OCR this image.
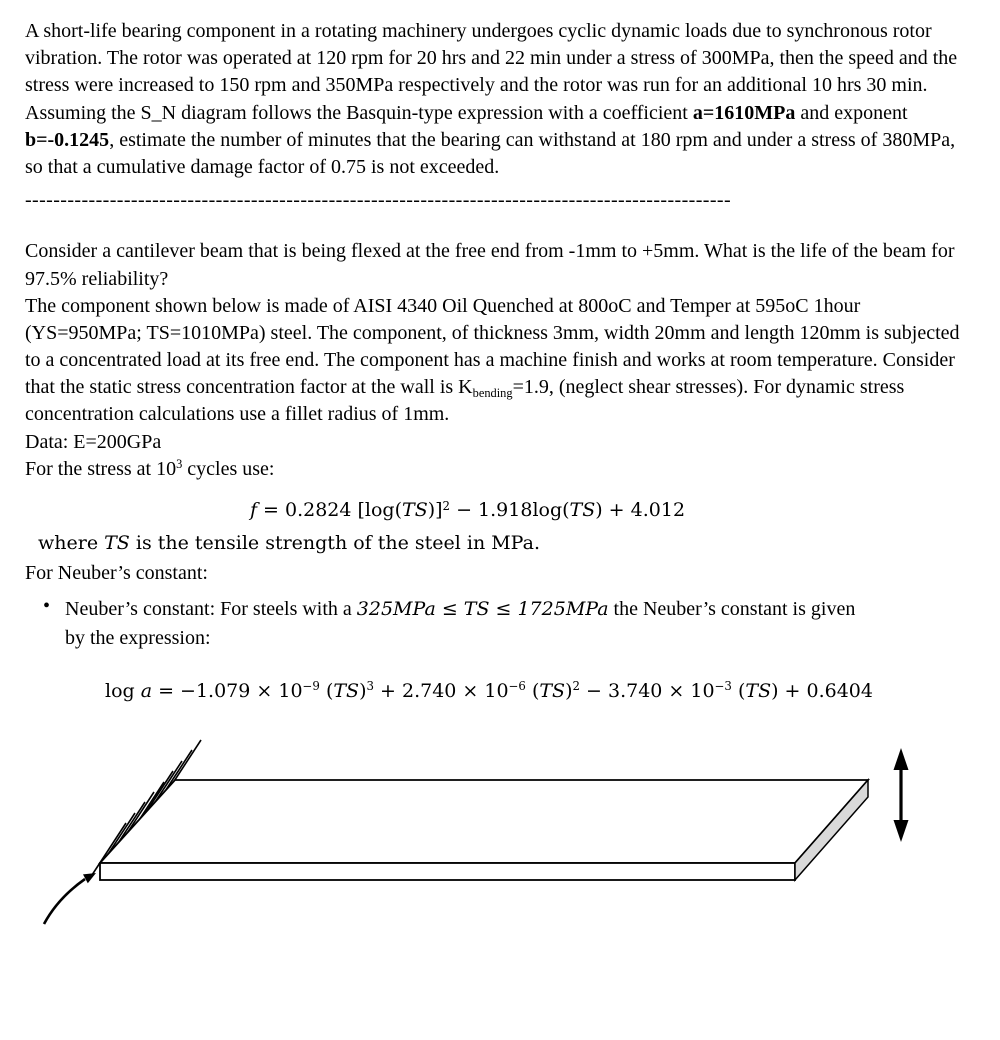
A short-life bearing component in a rotating machinery undergoes cyclic dynamic loads due to synchronous rotor vibration. The rotor was operated at 120 rpm for 20 hrs and 22 min under a stress of 300MPa, then the speed and the stress were increased to 150 rpm and 350MPa respectively and the rotor was run for an additional 10 hrs 30 min. Assuming the S_N diagram follows the Basquin-type expression with a coefficient a=1610MPa and exponent b=-0.1245, estimate the number of minutes that the bearing can withstand at 180 rpm and under a stress of 380MPa, so that a cumulative damage factor of 0.75 is not exceeded.

----------------------------------------------------------------------------------------------------

Consider a cantilever beam that is being flexed at the free end from -1mm to +5mm. What is the life of the beam for 97.5% reliability?

The component shown below is made of AISI 4340 Oil Quenched at 800oC and Temper at 595oC 1hour (YS=950MPa; TS=1010MPa) steel. The component, of thickness 3mm, width 20mm and length 120mm is subjected to a concentrated load at its free end. The component has a machine finish and works at room temperature. Consider that the static stress concentration factor at the wall is $K_{bending}=1.9$, (neglect shear stresses). For dynamic stress concentration calculations use a fillet radius of 1mm.

Data: E=200GPa

For the stress at $10^3$ cycles use:

f = 0.2824 $[\log(TS)]^2 - 1.918\log(TS) + 4.012$

where TS is the tensile strength of the steel in MPa.

For Neuber’s constant:

• Neuber’s constant: For steels with a 325MPa ≤ TS ≤ 1725MPa the Neuber’s constant is given by the expression:
$\log a = -1.079 \times 10^{-9}$ $(TS)^3 + 2.740 \times 10^{-6}$ $(TS)^2 - 3.740 \times 10^{-3}$ (TS) + 0.6404
